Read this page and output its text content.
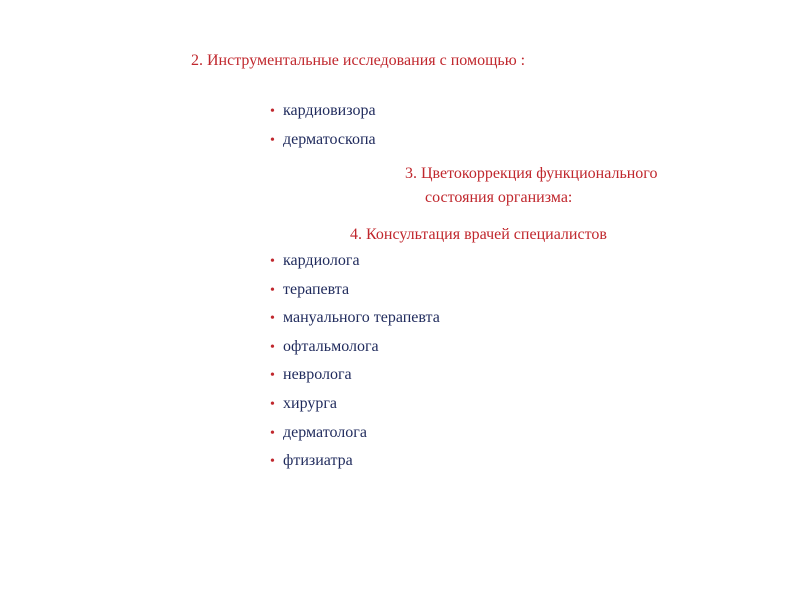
2. Инструментальные исследования с помощью :
• кардиовизора
• дерматоскопа
3. Цветокоррекция функционального
состояния организма:
4. Консультация врачей специалистов
• кардиолога
• терапевта
• мануального терапевта
• офтальмолога
• невролога
• хирурга
• дерматолога
• фтизиатра
